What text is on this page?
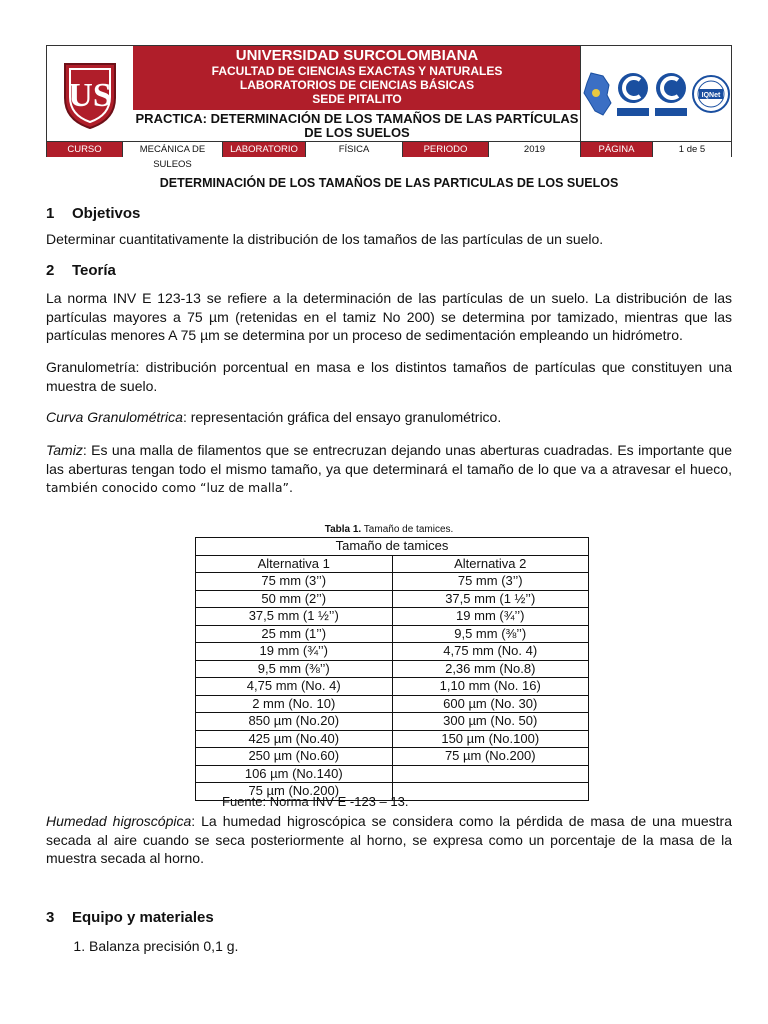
US
UNIVERSIDAD SURCOLOMBIANA
FACULTAD DE CIENCIAS EXACTAS Y NATURALES
LABORATORIOS DE CIENCIAS BÁSICAS
SEDE PITALITO
PRACTICA: DETERMINACIÓN DE LOS TAMAÑOS DE LAS PARTÍCULAS DE LOS SUELOS
IQNet
CURSO	MECÁNICA DE SULEOS
LABORATORIO	FÍSICA	PERIODO	2019	PÁGINA	1 de 5
DETERMINACIÓN DE LOS TAMAÑOS DE LAS PARTICULAS DE LOS SUELOS
1 Objetivos

Determinar cuantitativamente la distribución de los tamaños de las partículas de un suelo.

2 Teoría

La norma INV E 123-13 se refiere a la determinación de las partículas de un suelo. La distribución de las partículas mayores a 75 µm (retenidas en el tamiz No 200) se determina por tamizado, mientras que las partículas menores A 75 µm se determina por un proceso de sedimentación empleando un hidrómetro.

Granulometría: distribución porcentual en masa e los distintos tamaños de partículas que constituyen una muestra de suelo.

Curva Granulométrica: representación gráfica del ensayo granulométrico.

Tamiz: Es una malla de filamentos que se entrecruzan dejando unas aberturas cuadradas. Es importante que las aberturas tengan todo el mismo tamaño, ya que determinará el tamaño de lo que va a atravesar el hueco, también conocido como “luz de malla”.

Tabla 1. Tamaño de tamices.
Tamaño de tamices	
Alternativa 1	Alternativa 2
75 mm (3’’)	75 mm (3’’)
50 mm (2’’)	37,5 mm (1 ½’’)
37,5 mm (1 ½’’)	19 mm (¾’’)
25 mm (1’’)	9,5 mm (⅜’’)
19 mm (¾’’)	4,75 mm (No. 4)
9,5 mm (⅜’’)	2,36 mm (No.8)
4,75 mm (No. 4)	1,10 mm (No. 16)
2 mm (No. 10)	600 µm (No. 30)
850 µm (No.20)	300 µm (No. 50)
425 µm (No.40)	150 µm (No.100)
250 µm (No.60)	75 µm (No.200)
106 µm (No.140)	
75 µm (No.200)	
Fuente: Norma INV E -123 – 13.

Humedad higroscópica: La humedad higroscópica se considera como la pérdida de masa de una muestra secada al aire cuando se seca posteriormente al horno, se expresa como un porcentaje de la masa de la muestra secada al horno.

3 Equipo y materiales
1. Balanza precisión 0,1 g.
